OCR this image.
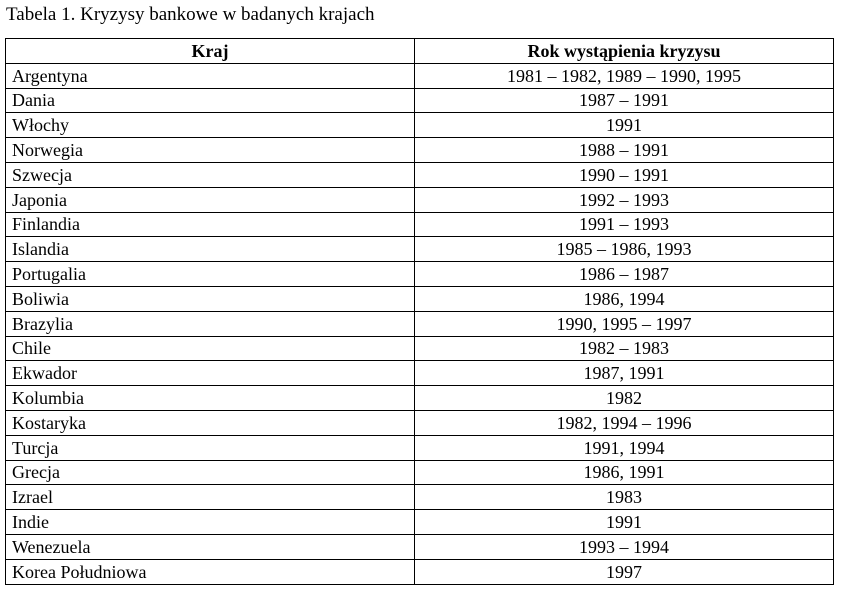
Tabela 1. Kryzysy bankowe w badanych krajach
Kraj	Rok wystąpienia kryzysu
Argentyna	1981 – 1982, 1989 – 1990, 1995
Dania	1987 – 1991
Włochy	1991
Norwegia	1988 – 1991
Szwecja	1990 – 1991
Japonia	1992 – 1993
Finlandia	1991 – 1993
Islandia	1985 – 1986, 1993
Portugalia	1986 – 1987
Boliwia	1986, 1994
Brazylia	1990, 1995 – 1997
Chile	1982 – 1983
Ekwador	1987, 1991
Kolumbia	1982
Kostaryka	1982, 1994 – 1996
Turcja	1991, 1994
Grecja	1986, 1991
Izrael	1983
Indie	1991
Wenezuela	1993 – 1994
Korea Południowa	1997
